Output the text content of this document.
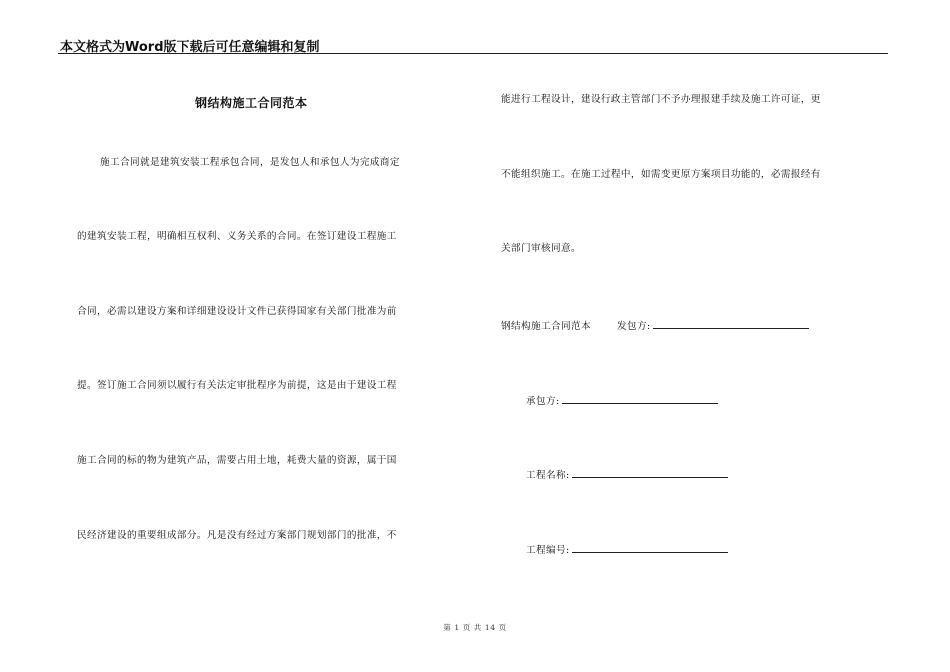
本文格式为Word版下载后可任意编辑和复制
钢结构施工合同范本
施工合同就是建筑安装工程承包合同，是发包人和承包人为完成商定
的建筑安装工程，明确相互权利、义务关系的合同。在签订建设工程施工
合同，必需以建设方案和详细建设设计文件已获得国家有关部门批准为前
提。签订施工合同须以履行有关法定审批程序为前提，这是由于建设工程
施工合同的标的物为建筑产品，需要占用土地，耗费大量的资源，属于国
民经济建设的重要组成部分。凡是没有经过方案部门规划部门的批准，不
能进行工程设计，建设行政主管部门不予办理报建手续及施工许可证，更
不能组织施工。在施工过程中，如需变更原方案项目功能的，必需报经有
关部门审核同意。
钢结构施工合同范本	发包方:
承包方:
工程名称:
工程编号:
第 1 页 共 14 页
